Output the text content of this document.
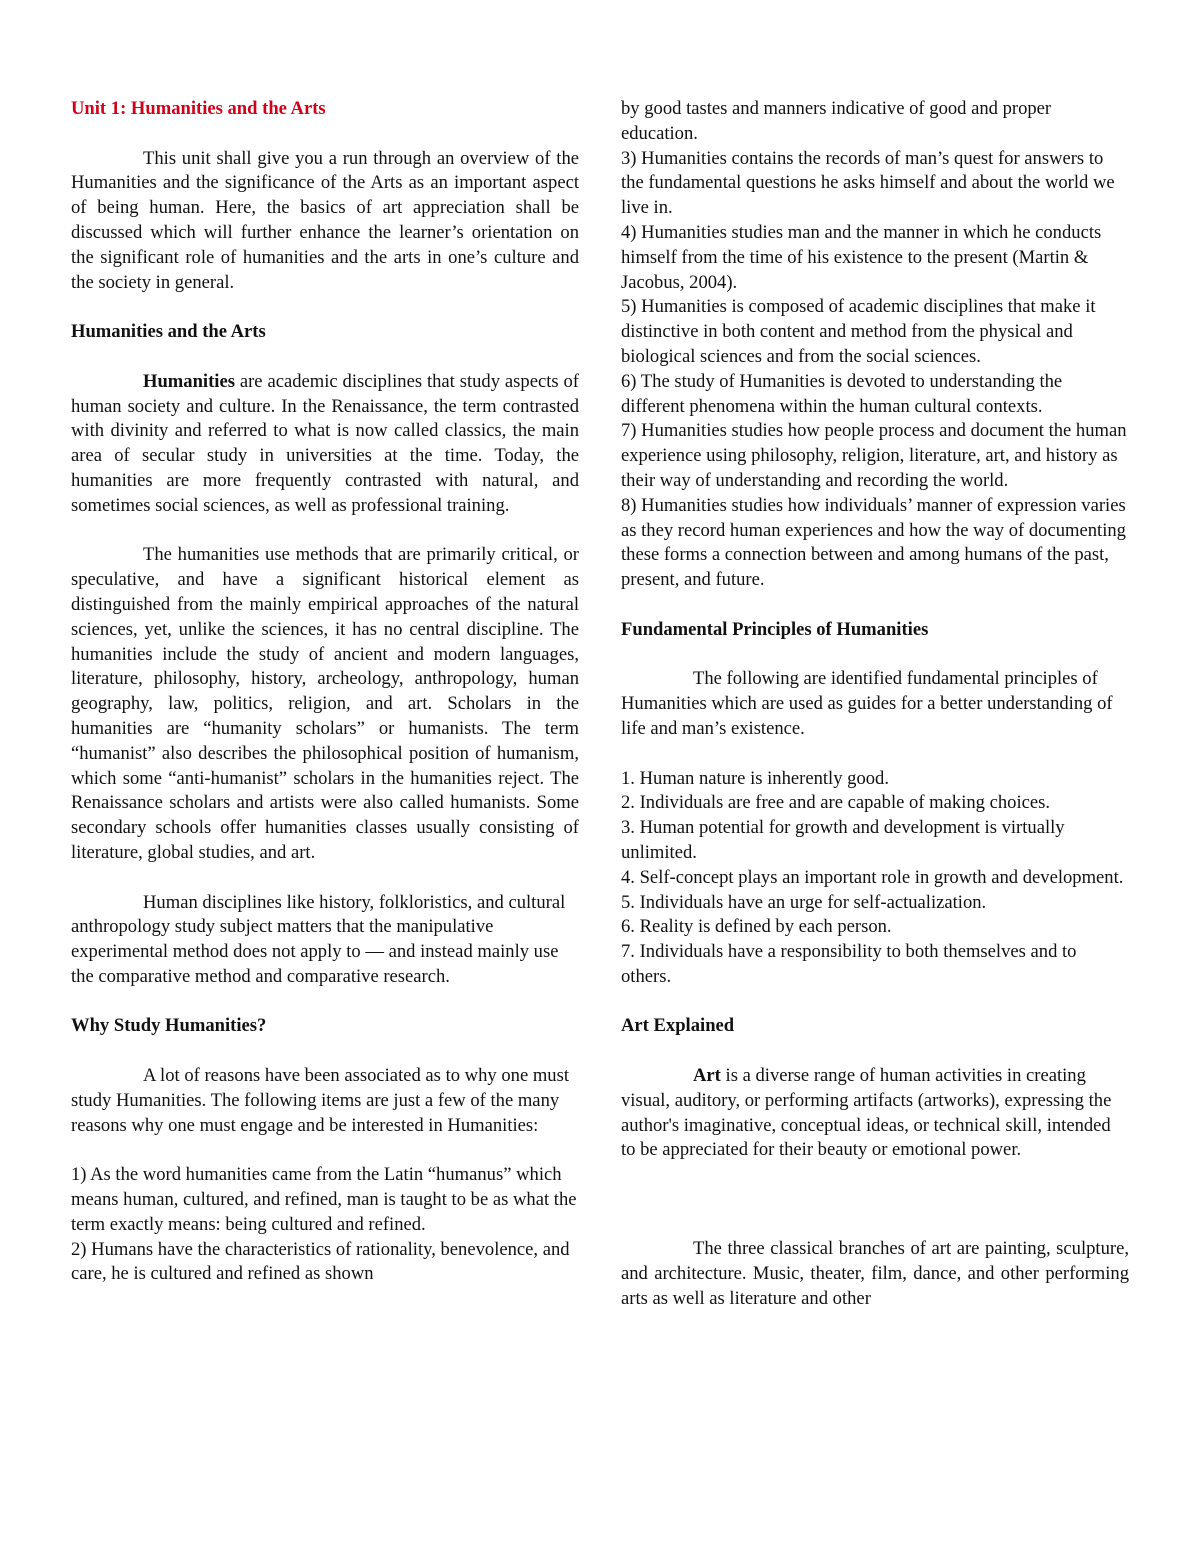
Unit 1: Humanities and the Arts

This unit shall give you a run through an overview of the Humanities and the significance of the Arts as an important aspect of being human. Here, the basics of art appreciation shall be discussed which will further enhance the learner’s orientation on the significant role of humanities and the arts in one’s culture and the society in general.

Humanities and the Arts

Humanities are academic disciplines that study aspects of human society and culture. In the Renaissance, the term contrasted with divinity and referred to what is now called classics, the main area of secular study in universities at the time. Today, the humanities are more frequently contrasted with natural, and sometimes social sciences, as well as professional training.

The humanities use methods that are primarily critical, or speculative, and have a significant historical element as distinguished from the mainly empirical approaches of the natural sciences, yet, unlike the sciences, it has no central discipline. The humanities include the study of ancient and modern languages, literature, philosophy, history, archeology, anthropology, human geography, law, politics, religion, and art. Scholars in the humanities are “humanity scholars” or humanists. The term “humanist” also describes the philosophical position of humanism, which some “anti-humanist” scholars in the humanities reject. The Renaissance scholars and artists were also called humanists. Some secondary schools offer humanities classes usually consisting of literature, global studies, and art.

Human disciplines like history, folkloristics, and cultural anthropology study subject matters that the manipulative experimental method does not apply to — and instead mainly use the comparative method and comparative research.

Why Study Humanities?

A lot of reasons have been associated as to why one must study Humanities. The following items are just a few of the many reasons why one must engage and be interested in Humanities:

1) As the word humanities came from the Latin “humanus” which means human, cultured, and refined, man is taught to be as what the term exactly means: being cultured and refined.

2) Humans have the characteristics of rationality, benevolence, and care, he is cultured and refined as shown

by good tastes and manners indicative of good and proper education.

3) Humanities contains the records of man’s quest for answers to the fundamental questions he asks himself and about the world we live in.

4) Humanities studies man and the manner in which he conducts himself from the time of his existence to the present (Martin & Jacobus, 2004).

5) Humanities is composed of academic disciplines that make it distinctive in both content and method from the physical and biological sciences and from the social sciences.

6) The study of Humanities is devoted to understanding the different phenomena within the human cultural contexts.

7) Humanities studies how people process and document the human experience using philosophy, religion, literature, art, and history as their way of understanding and recording the world.

8) Humanities studies how individuals’ manner of expression varies as they record human experiences and how the way of documenting these forms a connection between and among humans of the past, present, and future.

Fundamental Principles of Humanities

The following are identified fundamental principles of Humanities which are used as guides for a better understanding of life and man’s existence.

1. Human nature is inherently good.

2. Individuals are free and are capable of making choices.

3. Human potential for growth and development is virtually unlimited.

4. Self-concept plays an important role in growth and development.

5. Individuals have an urge for self-actualization.

6. Reality is defined by each person.

7. Individuals have a responsibility to both themselves and to others.

Art Explained

Art is a diverse range of human activities in creating visual, auditory, or performing artifacts (artworks), expressing the author's imaginative, conceptual ideas, or technical skill, intended to be appreciated for their beauty or emotional power.

The three classical branches of art are painting, sculpture, and architecture. Music, theater, film, dance, and other performing arts as well as literature and other
